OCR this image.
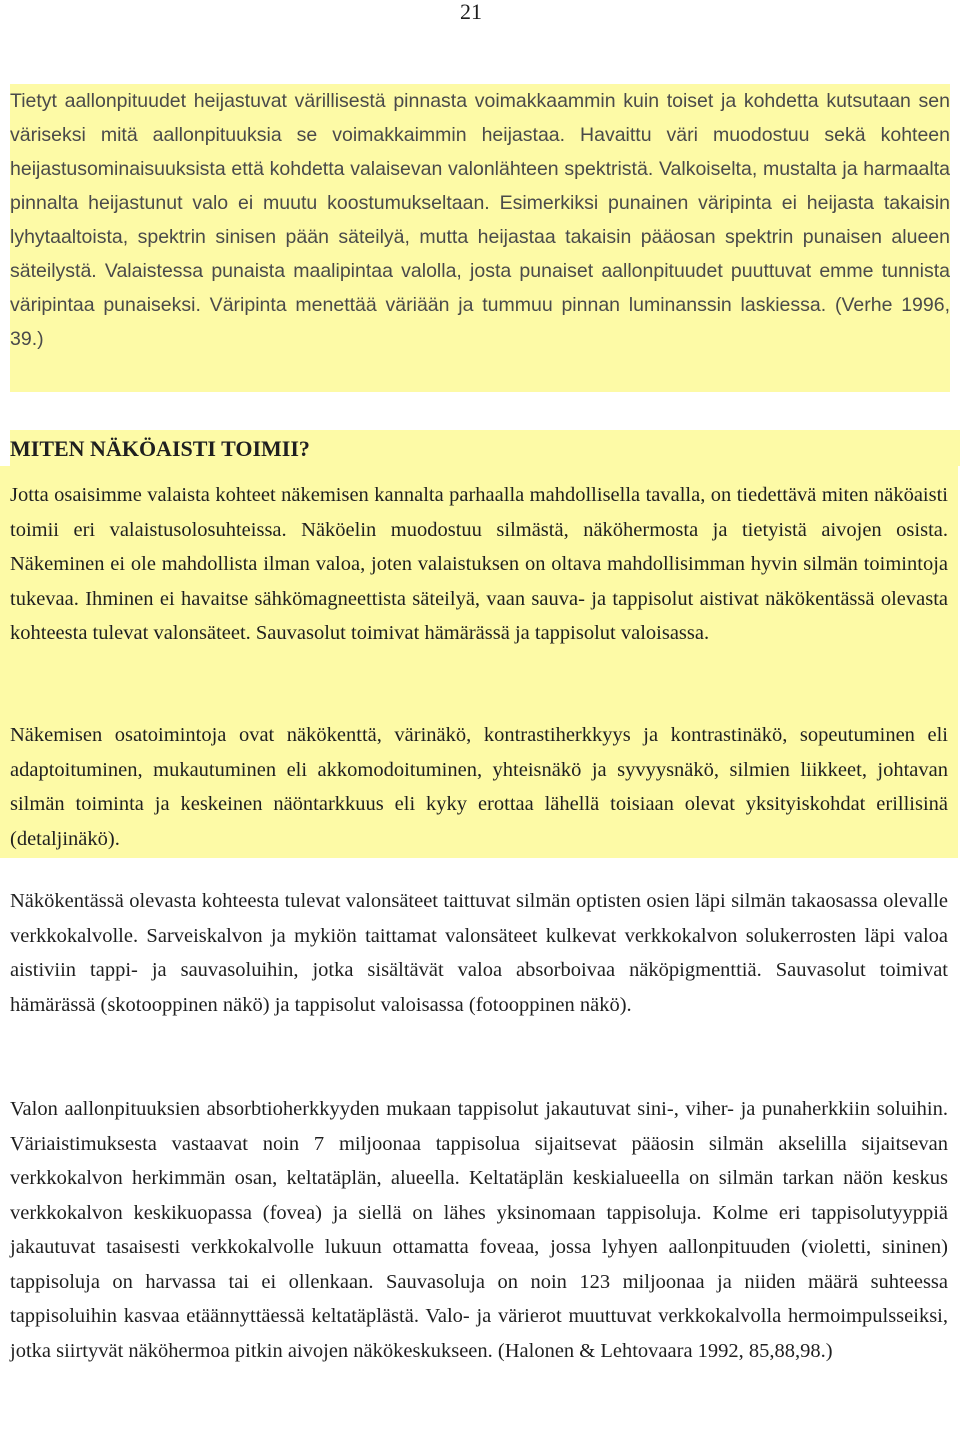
21

Tietyt aallonpituudet heijastuvat värillisestä pinnasta voimakkaammin kuin toiset ja kohdetta kutsutaan sen väriseksi mitä aallonpituuksia se voimakkaimmin heijastaa. Havaittu väri muodostuu sekä kohteen heijastusominaisuuksista että kohdetta valaisevan valonlähteen spektristä. Valkoiselta, mustalta ja harmaalta pinnalta heijastunut valo ei muutu koostumukseltaan. Esimerkiksi punainen väripinta ei heijasta takaisin lyhytaaltoista, spektrin sinisen pään säteilyä, mutta heijastaa takaisin pääosan spektrin punaisen alueen säteilystä. Valaistessa punaista maalipintaa valolla, josta punaiset aallonpituudet puuttuvat emme tunnista väripintaa punaiseksi. Väripinta menettää väriään ja tummuu pinnan luminanssin laskiessa. (Verhe 1996, 39.)

MITEN NÄKÖAISTI TOIMII?

Jotta osaisimme valaista kohteet näkemisen kannalta parhaalla mahdollisella tavalla, on tiedettävä miten näköaisti toimii eri valaistusolosuhteissa. Näköelin muodostuu silmästä, näköhermosta ja tietyistä aivojen osista. Näkeminen ei ole mahdollista ilman valoa, joten valaistuksen on oltava mahdollisimman hyvin silmän toimintoja tukevaa. Ihminen ei havaitse sähkömagneettista säteilyä, vaan sauva- ja tappisolut aistivat näkökentässä olevasta kohteesta tulevat valonsäteet. Sauvasolut toimivat hämärässä ja tappisolut valoisassa.

Näkemisen osatoimintoja ovat näkökenttä, värinäkö, kontrastiherkkyys ja kontrastinäkö, sopeutuminen eli adaptoituminen, mukautuminen eli akkomodoituminen, yhteisnäkö ja syvyysnäkö, silmien liikkeet, johtavan silmän toiminta ja keskeinen näöntarkkuus eli kyky erottaa lähellä toisiaan olevat yksityiskohdat erillisinä (detaljinäkö).

Näkökentässä olevasta kohteesta tulevat valonsäteet taittuvat silmän optisten osien läpi silmän takaosassa olevalle verkkokalvolle. Sarveiskalvon ja mykiön taittamat valonsäteet kulkevat verkkokalvon solukerrosten läpi valoa aistiviin tappi- ja sauvasoluihin, jotka sisältävät valoa absorboivaa näköpigmenttiä. Sauvasolut toimivat hämärässä (skotooppinen näkö) ja tappisolut valoisassa (fotooppinen näkö).

Valon aallonpituuksien absorbtioherkkyyden mukaan tappisolut jakautuvat sini-, viher- ja punaherkkiin soluihin. Väriaistimuksesta vastaavat noin 7 miljoonaa tappisolua sijaitsevat pääosin silmän akselilla sijaitsevan verkkokalvon herkimmän osan, keltatäplän, alueella. Keltatäplän keskialueella on silmän tarkan näön keskus verkkokalvon keskikuopassa (fovea) ja siellä on lähes yksinomaan tappisoluja. Kolme eri tappisolutyyppiä jakautuvat tasaisesti verkkokalvolle lukuun ottamatta foveaa, jossa lyhyen aallonpituuden (violetti, sininen) tappisoluja on harvassa tai ei ollenkaan. Sauvasoluja on noin 123 miljoonaa ja niiden määrä suhteessa tappisoluihin kasvaa etäännyttäessä keltatäplästä. Valo- ja värierot muuttuvat verkkokalvolla hermoimpulsseiksi, jotka siirtyvät näköhermoa pitkin aivojen näkökeskukseen. (Halonen & Lehtovaara 1992, 85,88,98.)
